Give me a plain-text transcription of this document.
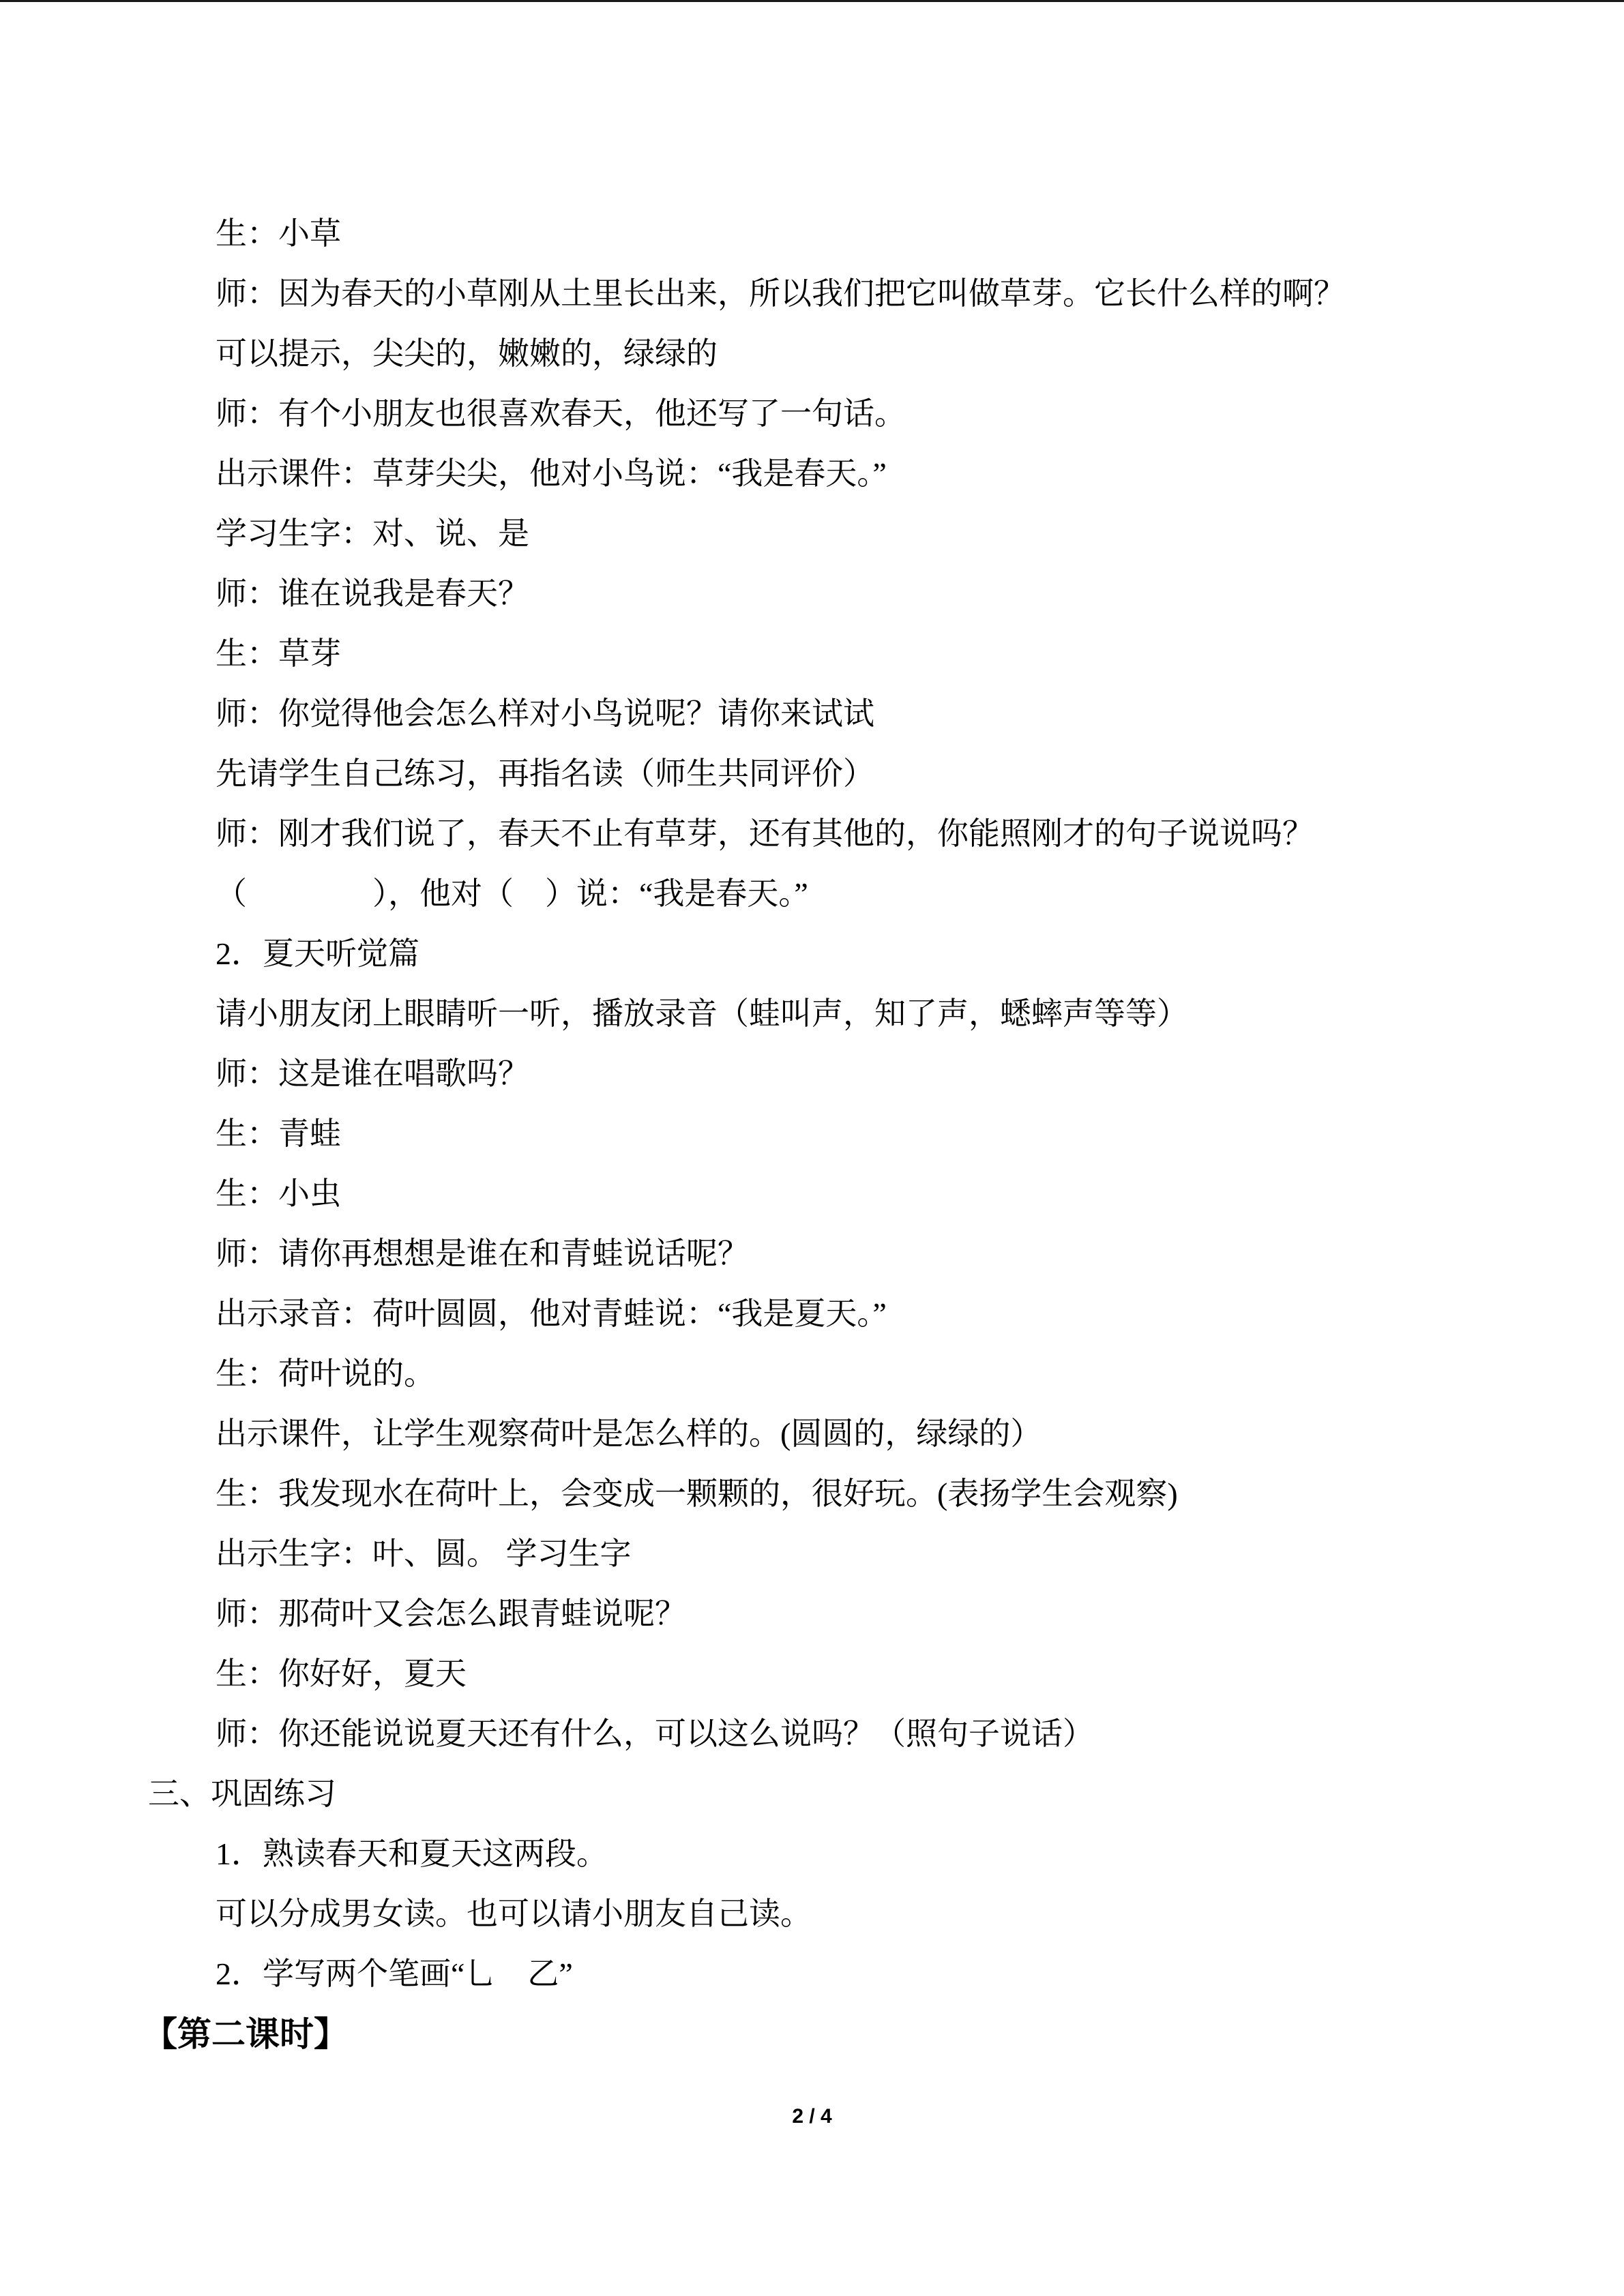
生：小草
师：因为春天的小草刚从土里长出来，所以我们把它叫做草芽。它长什么样的啊？
可以提示，尖尖的，嫩嫩的，绿绿的
师：有个小朋友也很喜欢春天，他还写了一句话。
出示课件：草芽尖尖，他对小鸟说：“我是春天。”
学习生字：对、说、是
师：谁在说我是春天？
生：草芽
师：你觉得他会怎么样对小鸟说呢？请你来试试
先请学生自己练习，再指名读（师生共同评价）
师：刚才我们说了，春天不止有草芽，还有其他的，你能照刚才的句子说说吗？
（　　　　），他对（　）说：“我是春天。”
2．夏天听觉篇
请小朋友闭上眼睛听一听，播放录音（蛙叫声，知了声，蟋蟀声等等）
师：这是谁在唱歌吗？
生：青蛙
生：小虫
师：请你再想想是谁在和青蛙说话呢？
出示录音：荷叶圆圆，他对青蛙说：“我是夏天。”
生：荷叶说的。
出示课件，让学生观察荷叶是怎么样的。(圆圆的，绿绿的）
生：我发现水在荷叶上，会变成一颗颗的，很好玩。(表扬学生会观察)
出示生字：叶、圆。 学习生字
师：那荷叶又会怎么跟青蛙说呢？
生：你好好，夏天
师：你还能说说夏天还有什么，可以这么说吗？（照句子说话）
三、巩固练习
1．熟读春天和夏天这两段。
可以分成男女读。也可以请小朋友自己读。
2．学写两个笔画“乚　乙”
【第二课时】
2 / 4
